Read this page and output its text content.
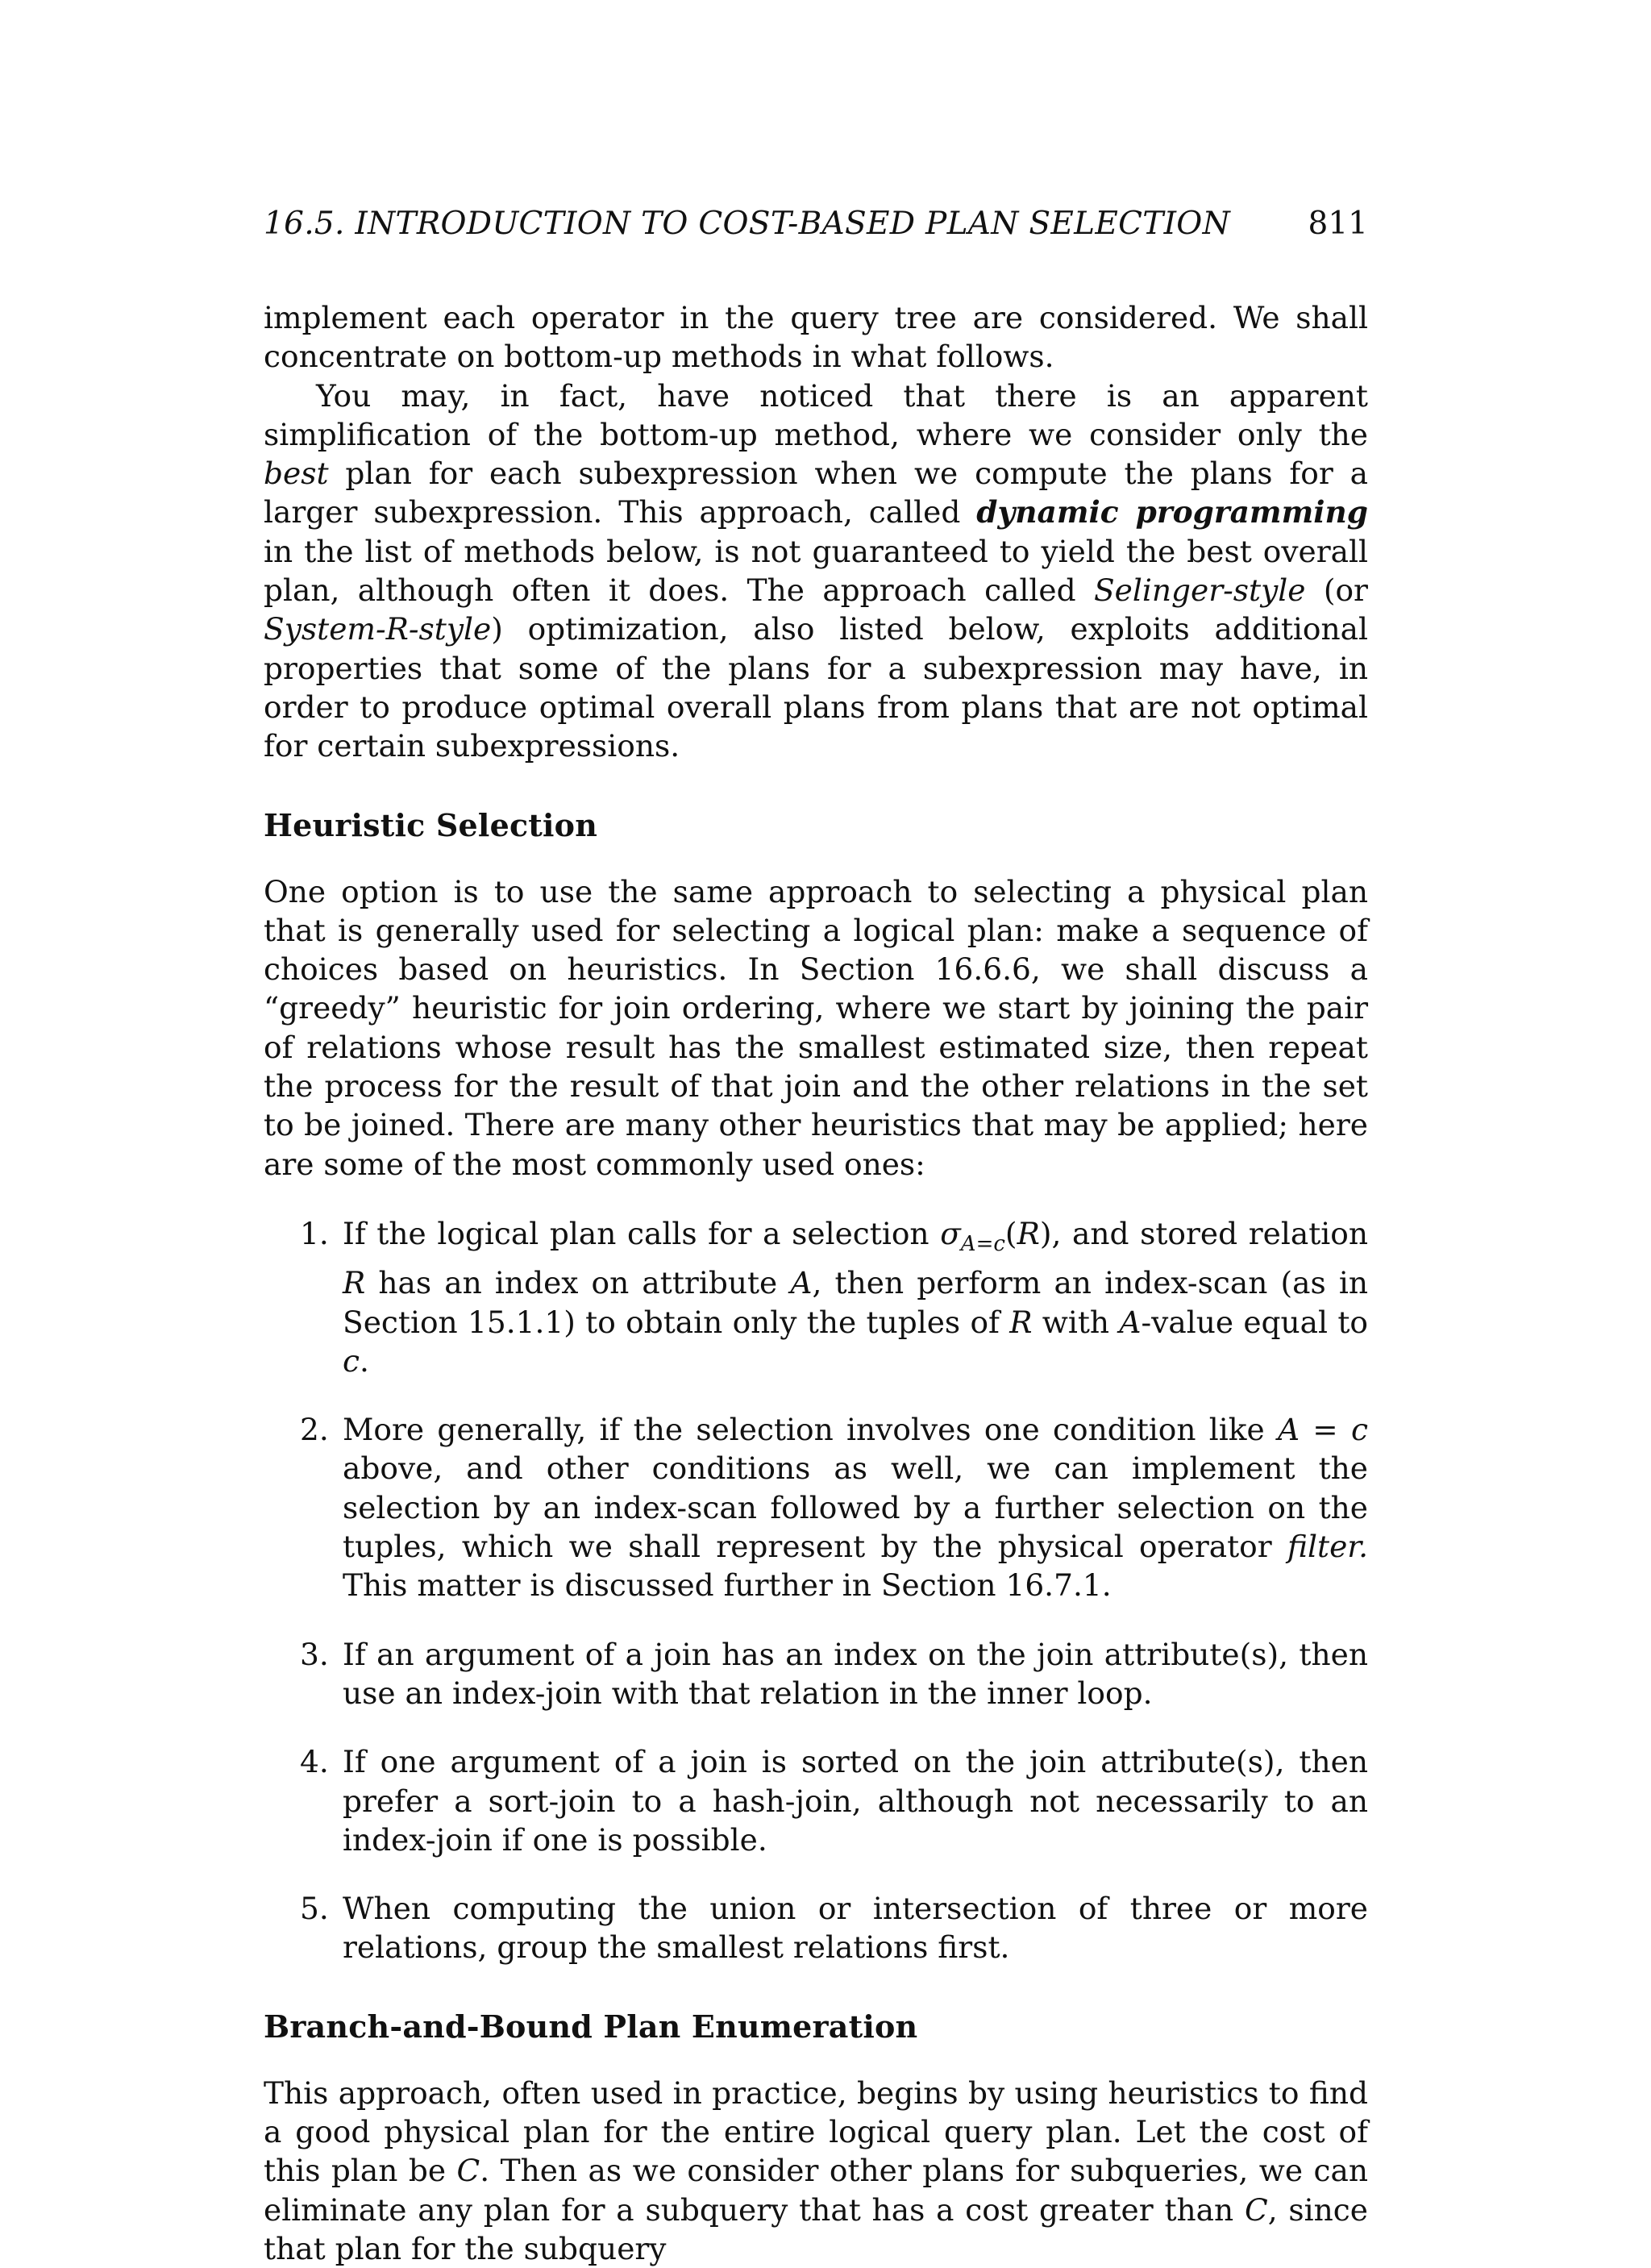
16.5. INTRODUCTION TO COST-BASED PLAN SELECTION 811

implement each operator in the query tree are considered. We shall concentrate on bottom-up methods in what follows.

You may, in fact, have noticed that there is an apparent simplification of the bottom-up method, where we consider only the best plan for each subexpression when we compute the plans for a larger subexpression. This approach, called dynamic programming in the list of methods below, is not guaranteed to yield the best overall plan, although often it does. The approach called Selinger-style (or System-R-style) optimization, also listed below, exploits additional properties that some of the plans for a subexpression may have, in order to produce optimal overall plans from plans that are not optimal for certain subexpressions.

Heuristic Selection

One option is to use the same approach to selecting a physical plan that is generally used for selecting a logical plan: make a sequence of choices based on heuristics. In Section 16.6.6, we shall discuss a “greedy” heuristic for join ordering, where we start by joining the pair of relations whose result has the smallest estimated size, then repeat the process for the result of that join and the other relations in the set to be joined. There are many other heuristics that may be applied; here are some of the most commonly used ones:

1. If the logical plan calls for a selection $\sigma_{A=c}(R)$, and stored relation R has an index on attribute A, then perform an index-scan (as in Section 15.1.1) to obtain only the tuples of R with A-value equal to c.
2. More generally, if the selection involves one condition like A = c above, and other conditions as well, we can implement the selection by an index-scan followed by a further selection on the tuples, which we shall represent by the physical operator filter. This matter is discussed further in Section 16.7.1.
3. If an argument of a join has an index on the join attribute(s), then use an index-join with that relation in the inner loop.
4. If one argument of a join is sorted on the join attribute(s), then prefer a sort-join to a hash-join, although not necessarily to an index-join if one is possible.
5. When computing the union or intersection of three or more relations, group the smallest relations first.
Branch-and-Bound Plan Enumeration

This approach, often used in practice, begins by using heuristics to find a good physical plan for the entire logical query plan. Let the cost of this plan be C. Then as we consider other plans for subqueries, we can eliminate any plan for a subquery that has a cost greater than C, since that plan for the subquery
